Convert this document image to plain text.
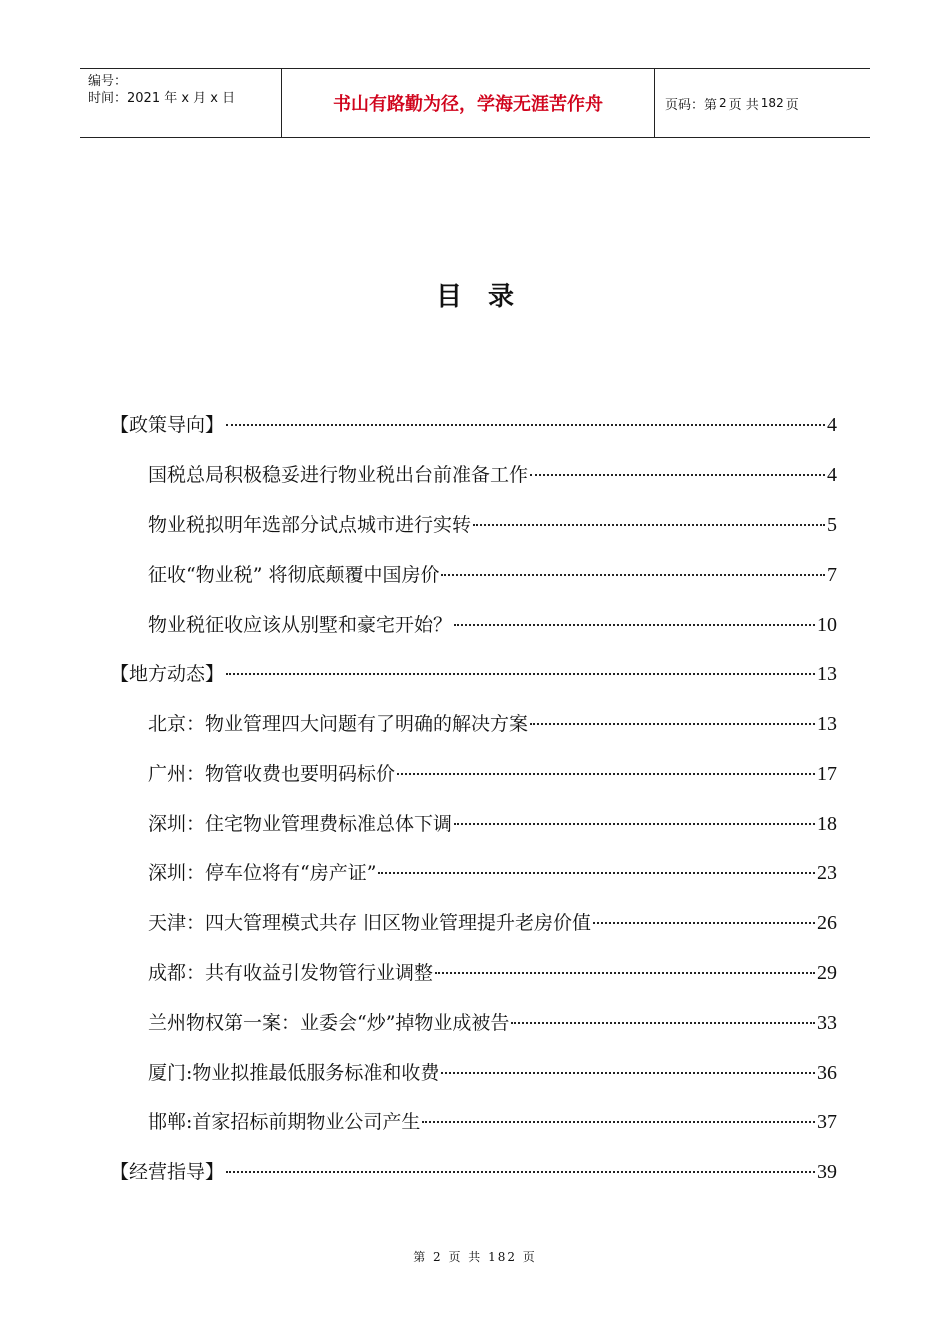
编号：
时间：2021 年 x 月 x 日	书山有路勤为径，学海无涯苦作舟	页码：第 2 页 共 182 页
目录
【政策导向】	4
国税总局积极稳妥进行物业税出台前准备工作	4
物业税拟明年选部分试点城市进行实转	5
征收“物业税” 将彻底颠覆中国房价	7
物业税征收应该从别墅和豪宅开始？	10
【地方动态】	13
北京：物业管理四大问题有了明确的解决方案	13
广州：物管收费也要明码标价	17
深圳：住宅物业管理费标准总体下调	18
深圳：停车位将有“房产证”	23
天津：四大管理模式共存 旧区物业管理提升老房价值	26
成都：共有收益引发物管行业调整	29
兰州物权第一案：业委会“炒”掉物业成被告	33
厦门:物业拟推最低服务标准和收费	36
邯郸:首家招标前期物业公司产生	37
【经营指导】	39
第 2 页 共 182 页
